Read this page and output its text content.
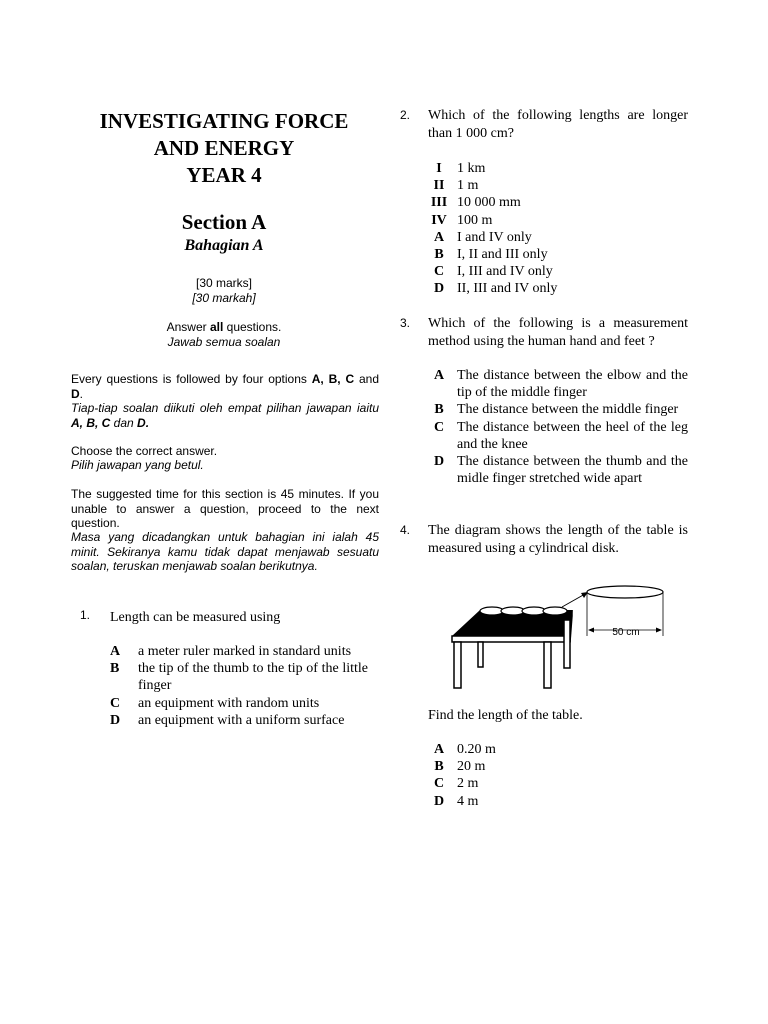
INVESTIGATING FORCE
AND ENERGY
YEAR 4
Section A
Bahagian A
[30 marks]
[30 markah]
Answer all questions.
Jawab semua soalan
Every questions is followed by four options A, B, C and D.
Tiap-tiap soalan diikuti oleh empat pilihan jawapan iaitu A, B, C dan D.
Choose the correct answer.
Pilih jawapan yang betul.
The suggested time for this section is 45 minutes. If you unable to answer a question, proceed to the next question.
Masa yang dicadangkan untuk bahagian ini ialah 45 minit. Sekiranya kamu tidak dapat menjawab sesuatu soalan, teruskan menjawab soalan berikutnya.
1. Length can be measured using
A	a meter ruler marked in standard units
B	the tip of the thumb to the tip of the little finger
C	an equipment with random units
D	an equipment with a uniform surface
2. Which of the following lengths are longer than 1 000 cm?
I	1 km
II 1 m
III 10 000 mm
IV 100 m
A I and IV only
B I, II and III only
C I, III and IV only
D II, III and IV only
3. Which of the following is a measurement method using the human hand and feet ?
A The distance between the elbow and the tip of the middle finger
B The distance between the middle finger
C The distance between the heel of the leg and the knee
D The distance between the thumb and the midle finger stretched wide apart
4. The diagram shows the length of the table is measured using a cylindrical disk.
50 cm
Find the length of the table.
A 0.20 m
B 20 m
C 2 m
D 4 m
